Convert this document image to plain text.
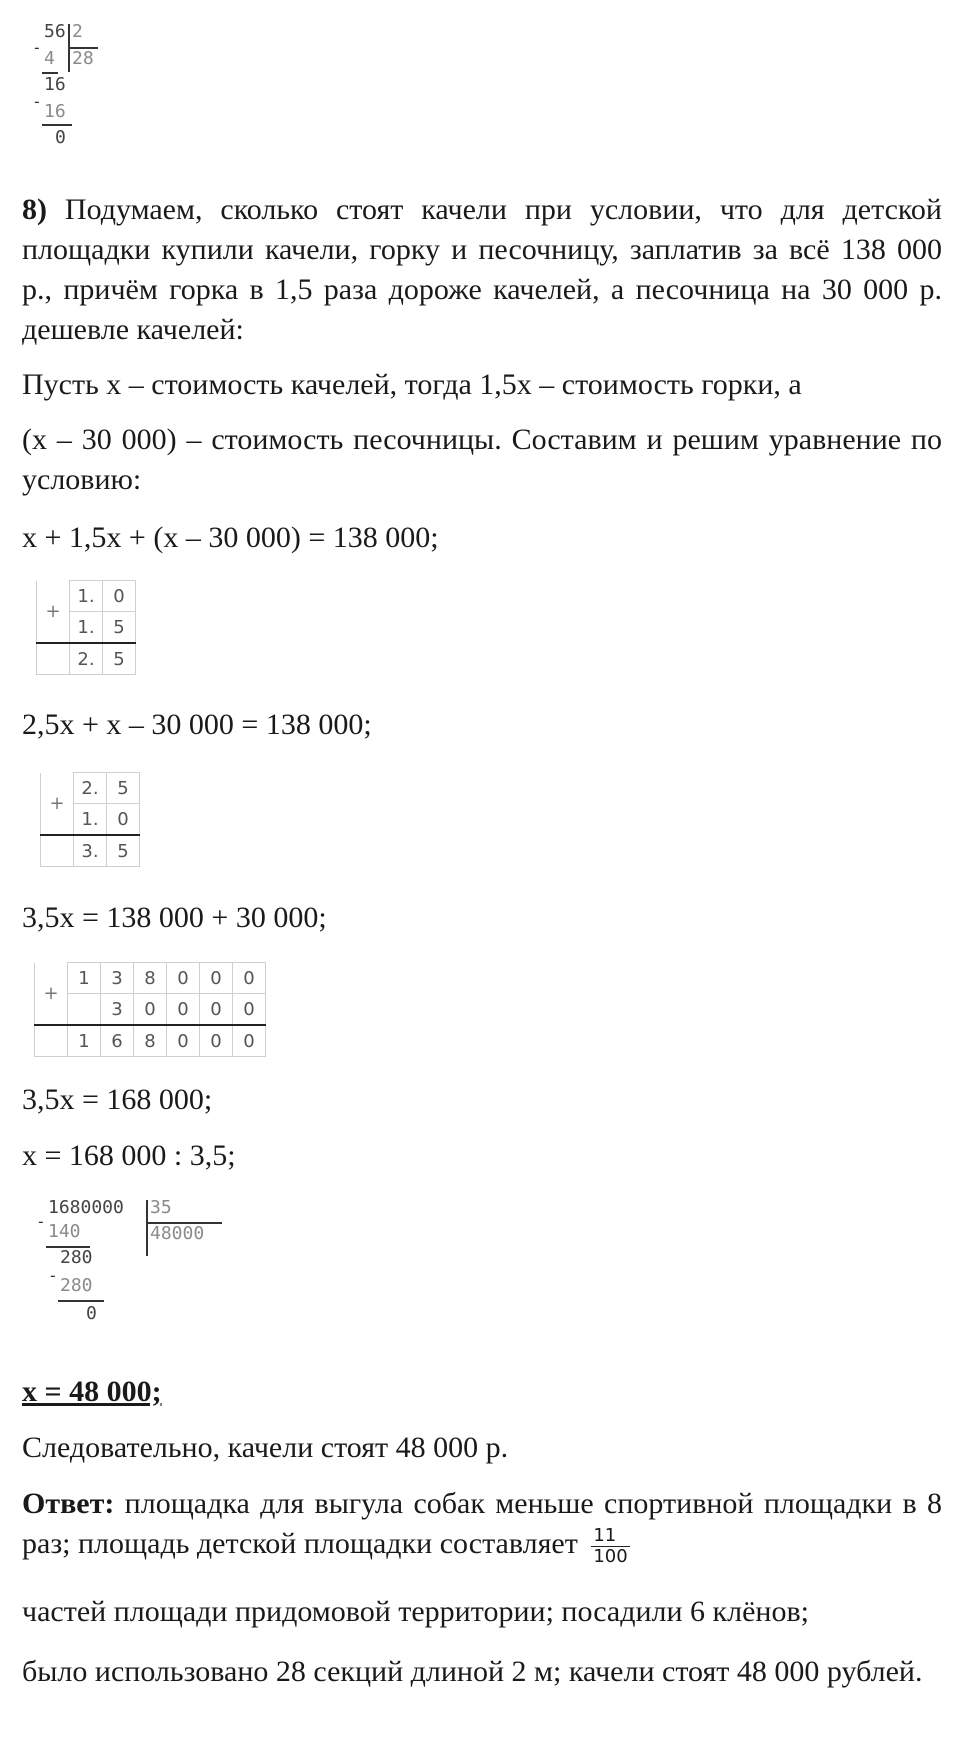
56 2
28
-
4
16
- 16
0
8) Подумаем, сколько стоят качели при условии, что для детской площадки купили качели, горку и песочницу, заплатив за всё 138 000 р., причём горка в 1,5 раза дороже качелей, а песочница на 30 000 р. дешевле качелей:
Пусть х – стоимость качелей, тогда 1,5х – стоимость горки, а
(х – 30 000) – стоимость песочницы. Составим и решим уравнение по условию:
х + 1,5х + (х – 30 000) = 138 000;
+	1.	0
	1.	5
	2.	5
2,5х + х – 30 000 = 138 000;
+	2.	5
	1.	0
	3.	5
3,5х = 138 000 + 30 000;
+	1	3	8	0	0	0
		3	0	0	0	0
	1	6	8	0	0	0
3,5х = 168 000;
х = 168 000 : 3,5;
1680000 35
48000
- 140
280
- 280
0
х = 48 000;
Следовательно, качели стоят 48 000 р.
Ответ: площадка для выгула собак меньше спортивной площадки в 8 раз; площадь детской площадки составляет $\frac{11}{100}$
частей площади придомовой территории; посадили 6 клёнов;
было использовано 28 секций длиной 2 м; качели стоят 48 000 рублей.
